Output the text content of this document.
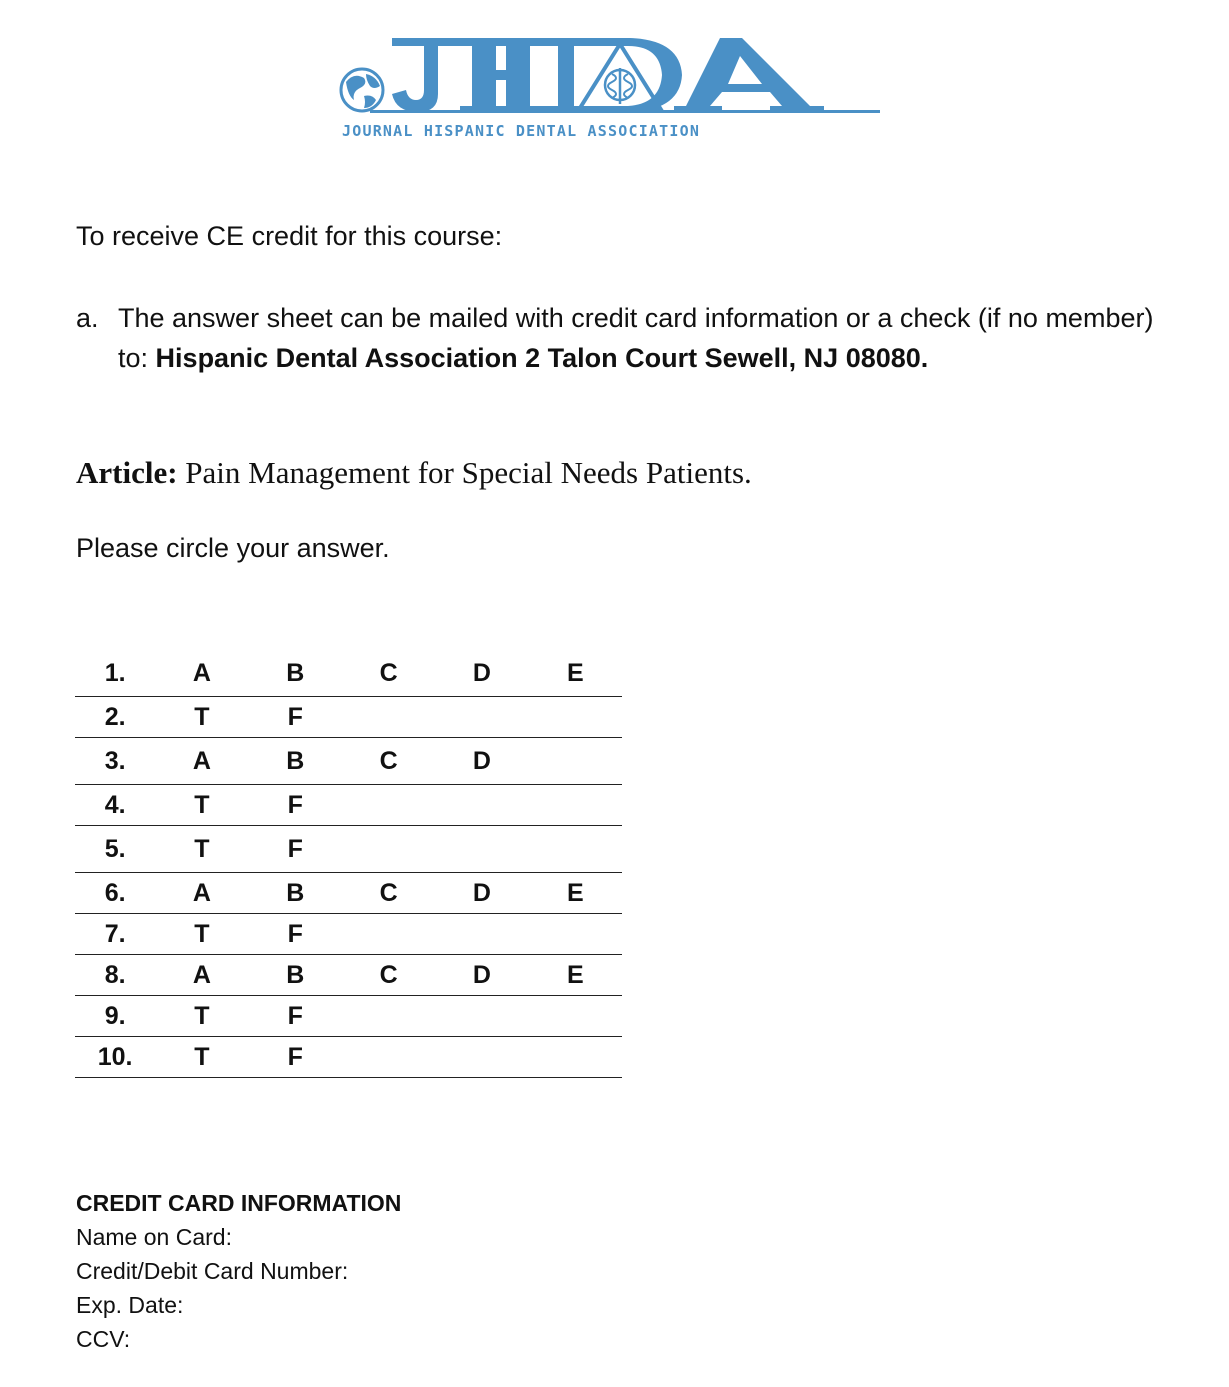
JOURNAL HISPANIC DENTAL ASSOCIATION
To receive CE credit for this course:
a. The answer sheet can be mailed with credit card information or a check (if no member) to: Hispanic Dental Association 2 Talon Court Sewell, NJ 08080.
Article: Pain Management for Special Needs Patients.
Please circle your answer.
1.	A	B	C	D	E
2.	T	F			
3.	A	B	C	D	
4.	T	F			
5.	T	F			
6.	A	B	C	D	E
7.	T	F			
8.	A	B	C	D	E
9.	T	F			
10.	T	F			
CREDIT CARD INFORMATION
Name on Card:
Credit/Debit Card Number:
Exp. Date:
CCV:
